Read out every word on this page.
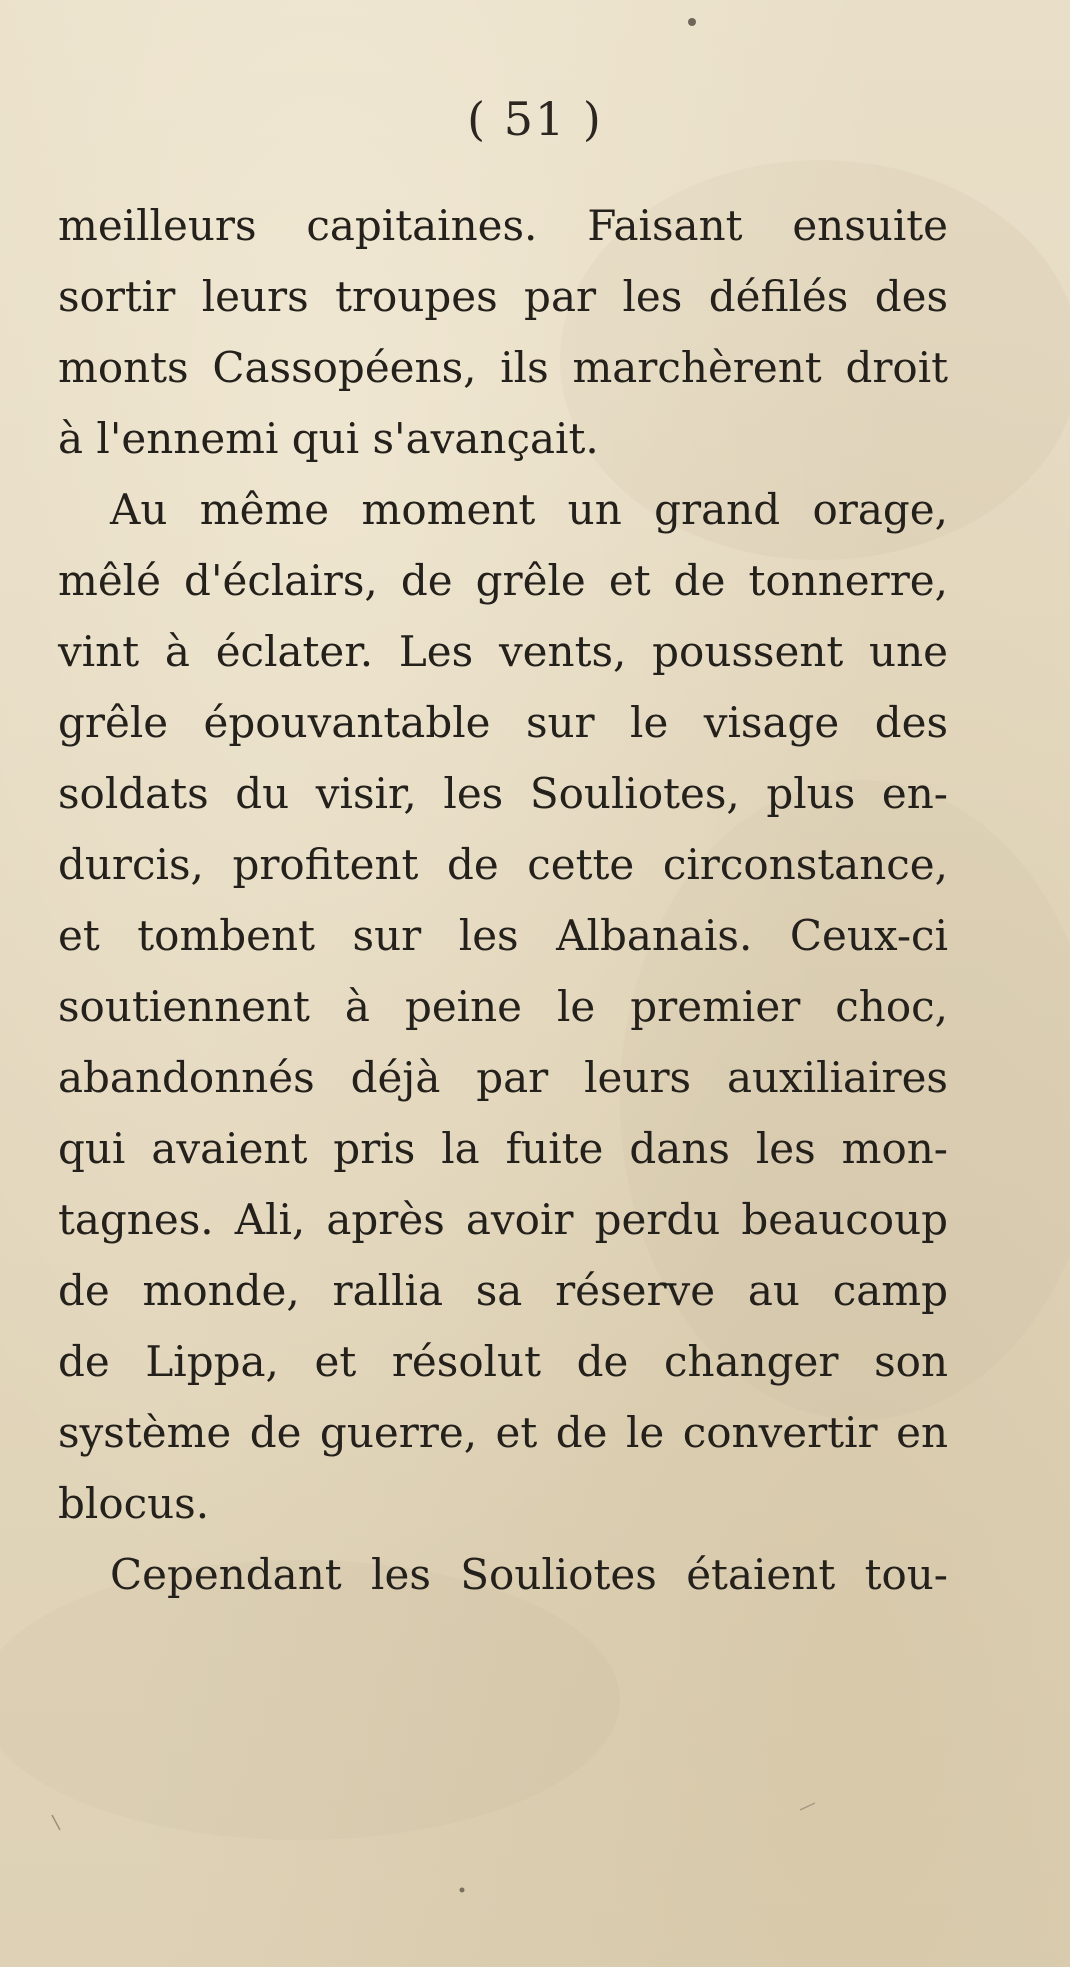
( 51 )

meilleurs capitaines. Faisant ensuite
sortir leurs troupes par les défilés des
monts Cassopéens, ils marchèrent droit
à l'ennemi qui s'avançait.
Au même moment un grand orage,
mêlé d'éclairs, de grêle et de tonnerre,
vint à éclater. Les vents, poussent une
grêle épouvantable sur le visage des
soldats du visir, les Souliotes, plus en-
durcis, profitent de cette circonstance,
et tombent sur les Albanais. Ceux-ci
soutiennent à peine le premier choc,
abandonnés déjà par leurs auxiliaires
qui avaient pris la fuite dans les mon-
tagnes. Ali, après avoir perdu beaucoup
de monde, rallia sa réserve au camp
de Lippa, et résolut de changer son
système de guerre, et de le convertir en
blocus.
Cependant les Souliotes étaient tou-
